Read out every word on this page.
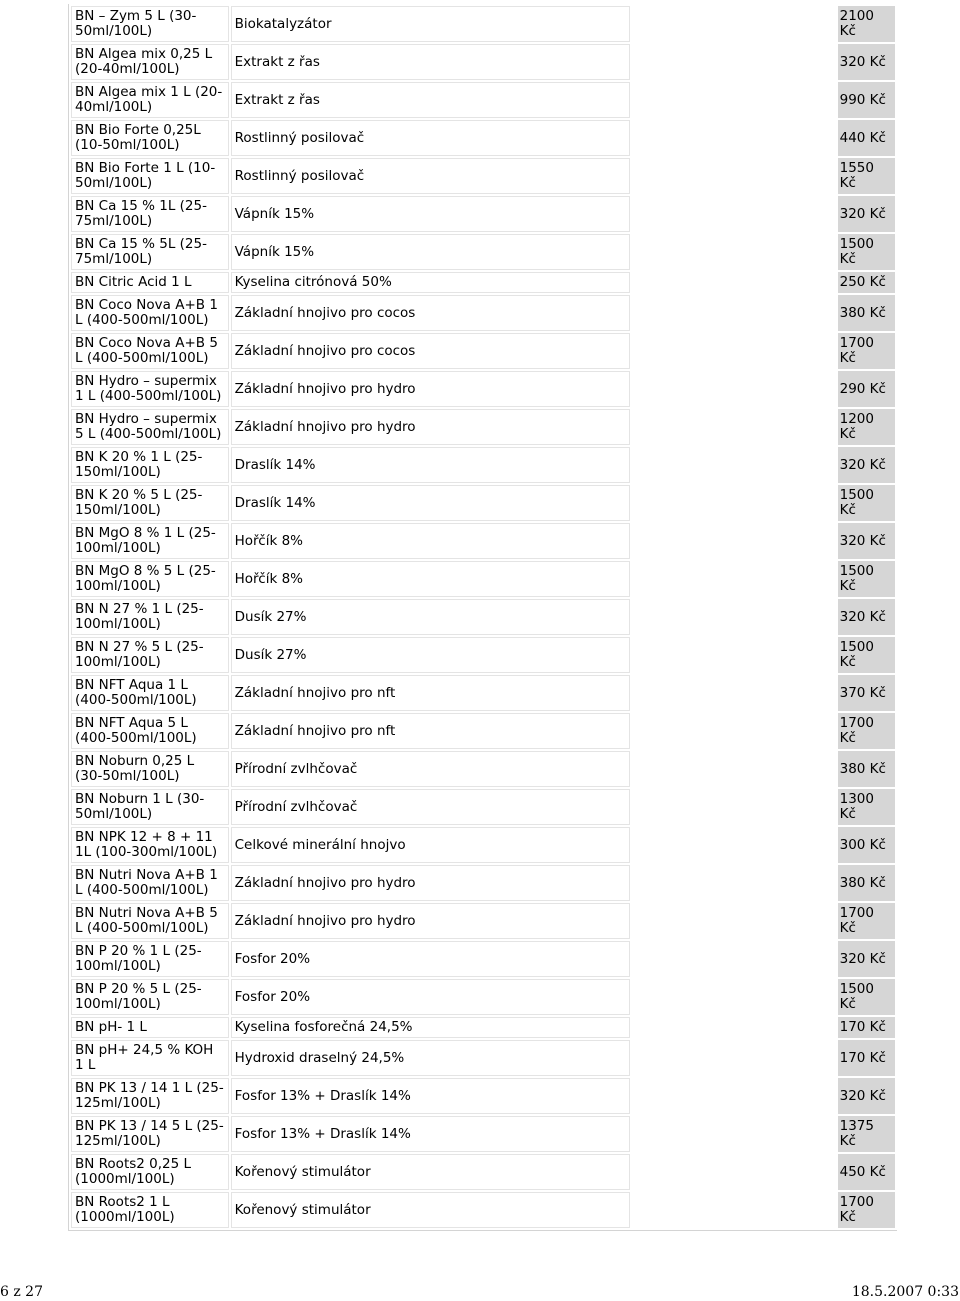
BN – Zym 5 L (30-50ml/100L)	Biokatalyzátor		2100 Kč
BN Algea mix 0,25 L (20-40ml/100L)	Extrakt z řas		320 Kč
BN Algea mix 1 L (20-40ml/100L)	Extrakt z řas		990 Kč
BN Bio Forte 0,25L (10-50ml/100L)	Rostlinný posilovač		440 Kč
BN Bio Forte 1 L (10-50ml/100L)	Rostlinný posilovač		1550 Kč
BN Ca 15 % 1L (25-75ml/100L)	Vápník 15%		320 Kč
BN Ca 15 % 5L (25-75ml/100L)	Vápník 15%		1500 Kč
BN Citric Acid 1 L	Kyselina citrónová 50%		250 Kč
BN Coco Nova A+B 1 L (400-500ml/100L)	Základní hnojivo pro cocos		380 Kč
BN Coco Nova A+B 5 L (400-500ml/100L)	Základní hnojivo pro cocos		1700 Kč
BN Hydro – supermix 1 L (400-500ml/100L)	Základní hnojivo pro hydro		290 Kč
BN Hydro – supermix 5 L (400-500ml/100L)	Základní hnojivo pro hydro		1200 Kč
BN K 20 % 1 L (25-150ml/100L)	Draslík 14%		320 Kč
BN K 20 % 5 L (25-150ml/100L)	Draslík 14%		1500 Kč
BN MgO 8 % 1 L (25-100ml/100L)	Hořčík 8%		320 Kč
BN MgO 8 % 5 L (25-100ml/100L)	Hořčík 8%		1500 Kč
BN N 27 % 1 L (25-100ml/100L)	Dusík 27%		320 Kč
BN N 27 % 5 L (25-100ml/100L)	Dusík 27%		1500 Kč
BN NFT Aqua 1 L (400-500ml/100L)	Základní hnojivo pro nft		370 Kč
BN NFT Aqua 5 L (400-500ml/100L)	Základní hnojivo pro nft		1700 Kč
BN Noburn 0,25 L (30-50ml/100L)	Přírodní zvlhčovač		380 Kč
BN Noburn 1 L (30-50ml/100L)	Přírodní zvlhčovač		1300 Kč
BN NPK 12 + 8 + 11 1L (100-300ml/100L)	Celkové minerální hnojvo		300 Kč
BN Nutri Nova A+B 1 L (400-500ml/100L)	Základní hnojivo pro hydro		380 Kč
BN Nutri Nova A+B 5 L (400-500ml/100L)	Základní hnojivo pro hydro		1700 Kč
BN P 20 % 1 L (25-100ml/100L)	Fosfor 20%		320 Kč
BN P 20 % 5 L (25-100ml/100L)	Fosfor 20%		1500 Kč
BN pH- 1 L	Kyselina fosforečná 24,5%		170 Kč
BN pH+ 24,5 % KOH 1 L	Hydroxid draselný 24,5%		170 Kč
BN PK 13 / 14 1 L (25-125ml/100L)	Fosfor 13% + Draslík 14%		320 Kč
BN PK 13 / 14 5 L (25-125ml/100L)	Fosfor 13% + Draslík 14%		1375 Kč
BN Roots2 0,25 L (1000ml/100L)	Kořenový stimulátor		450 Kč
BN Roots2 1 L (1000ml/100L)	Kořenový stimulátor		1700 Kč
6 z 27	18.5.2007 0:33
